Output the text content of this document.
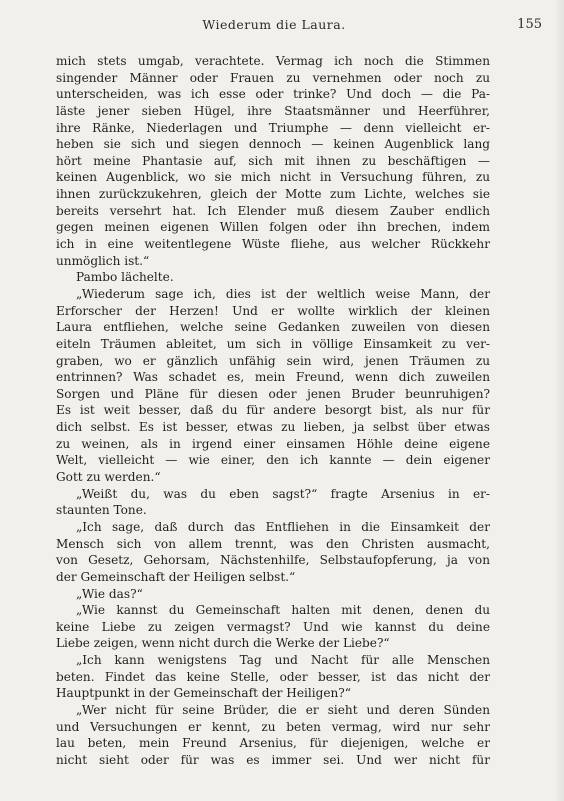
Wiederum die Laura.	155
mich stets umgab, verachtete. Vermag ich noch die Stimmen
singender Männer oder Frauen zu vernehmen oder noch zu
unterscheiden, was ich esse oder trinke? Und doch — die Pa-
läste jener sieben Hügel, ihre Staatsmänner und Heerführer,
ihre Ränke, Niederlagen und Triumphe — denn vielleicht er-
heben sie sich und siegen dennoch — keinen Augenblick lang
hört meine Phantasie auf, sich mit ihnen zu beschäftigen —
keinen Augenblick, wo sie mich nicht in Versuchung führen, zu
ihnen zurückzukehren, gleich der Motte zum Lichte, welches sie
bereits versehrt hat. Ich Elender muß diesem Zauber endlich
gegen meinen eigenen Willen folgen oder ihn brechen, indem
ich in eine weitentlegene Wüste fliehe, aus welcher Rückkehr
unmöglich ist.“
Pambo lächelte.
„Wiederum sage ich, dies ist der weltlich weise Mann, der
Erforscher der Herzen! Und er wollte wirklich der kleinen
Laura entfliehen, welche seine Gedanken zuweilen von diesen
eiteln Träumen ableitet, um sich in völlige Einsamkeit zu ver-
graben, wo er gänzlich unfähig sein wird, jenen Träumen zu
entrinnen? Was schadet es, mein Freund, wenn dich zuweilen
Sorgen und Pläne für diesen oder jenen Bruder beunruhigen?
Es ist weit besser, daß du für andere besorgt bist, als nur für
dich selbst. Es ist besser, etwas zu lieben, ja selbst über etwas
zu weinen, als in irgend einer einsamen Höhle deine eigene
Welt, vielleicht — wie einer, den ich kannte — dein eigener
Gott zu werden.“
„Weißt du, was du eben sagst?“ fragte Arsenius in er-
staunten Tone.
„Ich sage, daß durch das Entfliehen in die Einsamkeit der
Mensch sich von allem trennt, was den Christen ausmacht,
von Gesetz, Gehorsam, Nächstenhilfe, Selbstaufopferung, ja von
der Gemeinschaft der Heiligen selbst.“
„Wie das?“
„Wie kannst du Gemeinschaft halten mit denen, denen du
keine Liebe zu zeigen vermagst? Und wie kannst du deine
Liebe zeigen, wenn nicht durch die Werke der Liebe?“
„Ich kann wenigstens Tag und Nacht für alle Menschen
beten. Findet das keine Stelle, oder besser, ist das nicht der
Hauptpunkt in der Gemeinschaft der Heiligen?“
„Wer nicht für seine Brüder, die er sieht und deren Sünden
und Versuchungen er kennt, zu beten vermag, wird nur sehr
lau beten, mein Freund Arsenius, für diejenigen, welche er
nicht sieht oder für was es immer sei. Und wer nicht für
